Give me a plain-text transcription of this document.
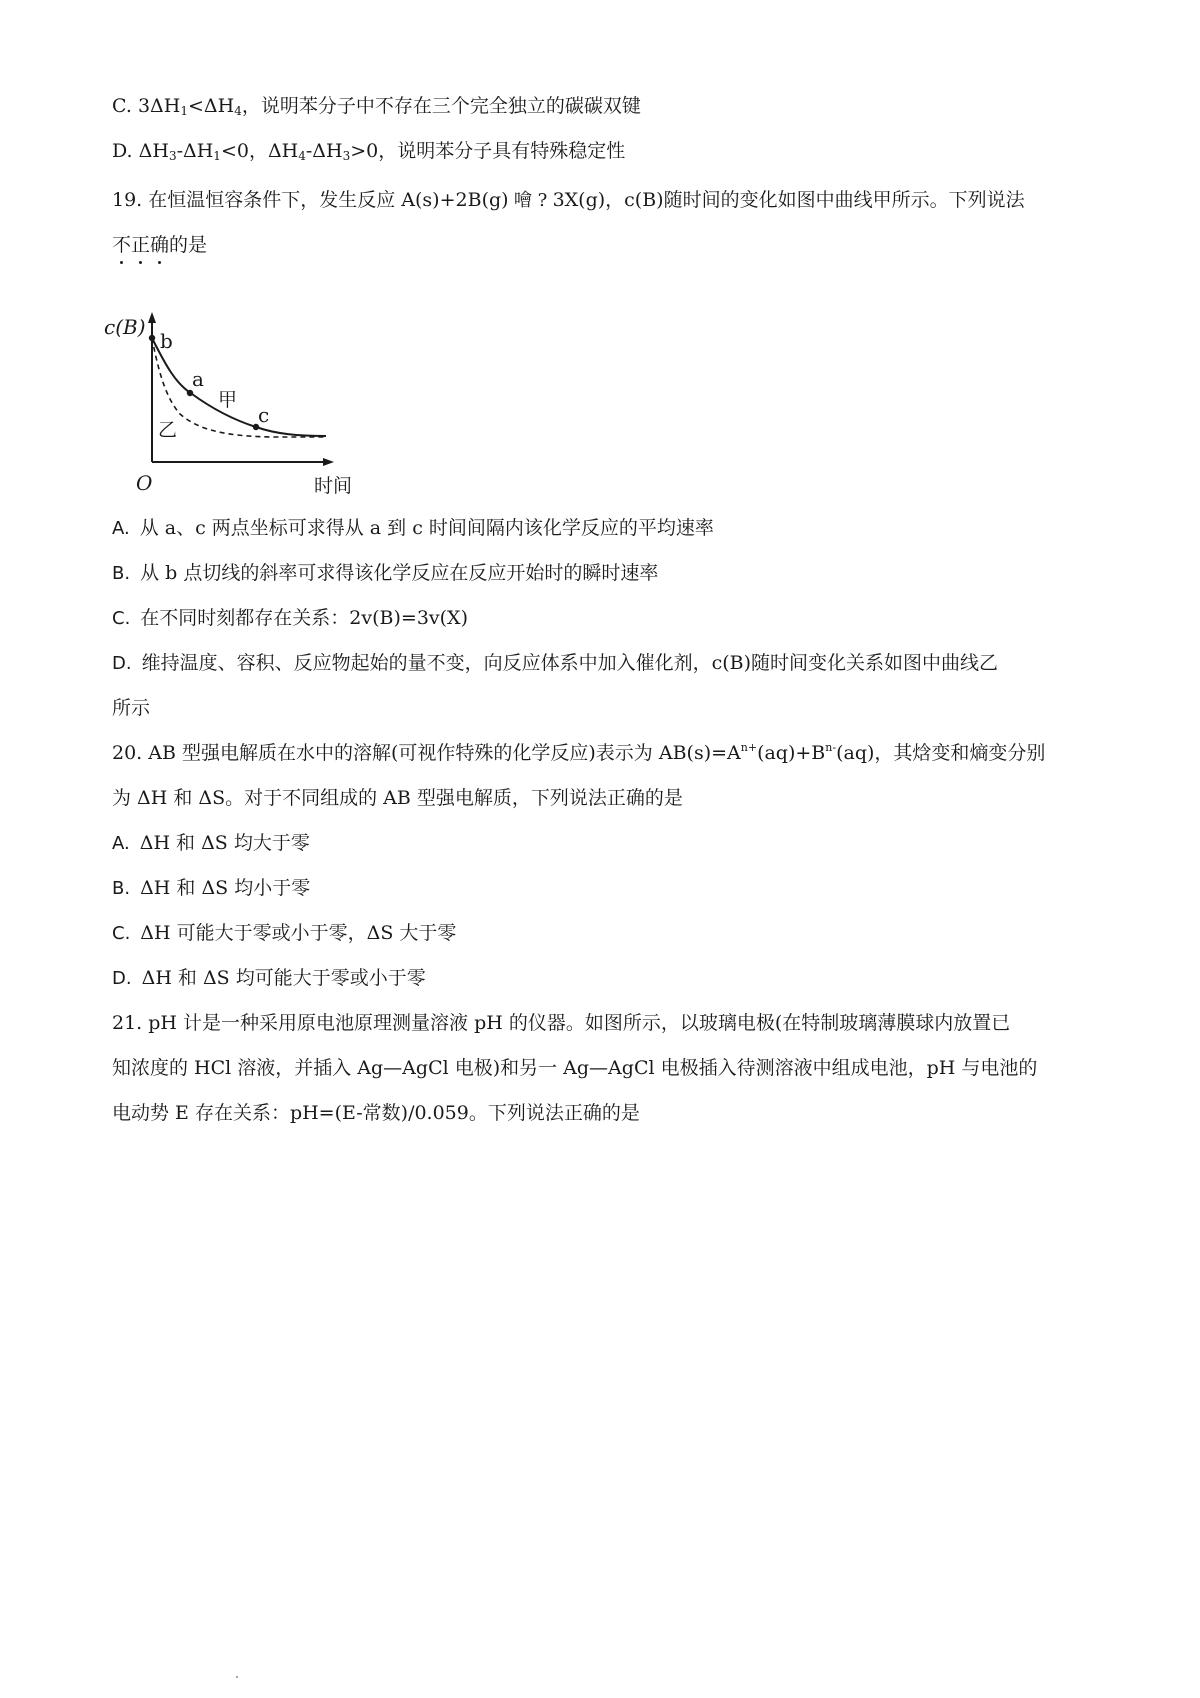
C. $3\Delta H_1<\Delta H_4$，说明苯分子中不存在三个完全独立的碳碳双键
D. $\Delta H_3-\Delta H_1<0$，$\Delta H_4-\Delta H_3>0$，说明苯分子具有特殊稳定性
19. 在恒温恒容条件下，发生反应 A(s)+2B(g) 噲 ? 3X(g)，c(B)随时间的变化如图中曲线甲所示。下列说法
不正确的是
c(B)
b
a
c
甲
乙
O	时间
A. 从 a、c 两点坐标可求得从 a 到 c 时间间隔内该化学反应的平均速率
B. 从 b 点切线的斜率可求得该化学反应在反应开始时的瞬时速率
C. 在不同时刻都存在关系：2v(B)=3v(X)
D. 维持温度、容积、反应物起始的量不变，向反应体系中加入催化剂，c(B)随时间变化关系如图中曲线乙
所示
20. AB 型强电解质在水中的溶解(可视作特殊的化学反应)表示为 $AB(s)=A^{n+}(aq)+B^{n-}(aq)$，其焓变和熵变分别
为 ΔH 和 ΔS。对于不同组成的 AB 型强电解质，下列说法正确的是
A. ΔH 和 ΔS 均大于零
B. ΔH 和 ΔS 均小于零
C. ΔH 可能大于零或小于零，ΔS 大于零
D. ΔH 和 ΔS 均可能大于零或小于零
21. pH 计是一种采用原电池原理测量溶液 pH 的仪器。如图所示，以玻璃电极(在特制玻璃薄膜球内放置已
知浓度的 HCl 溶液，并插入 Ag—AgCl 电极)和另一 Ag—AgCl 电极插入待测溶液中组成电池，pH 与电池的
电动势 E 存在关系：pH=(E-常数)/0.059。下列说法正确的是
